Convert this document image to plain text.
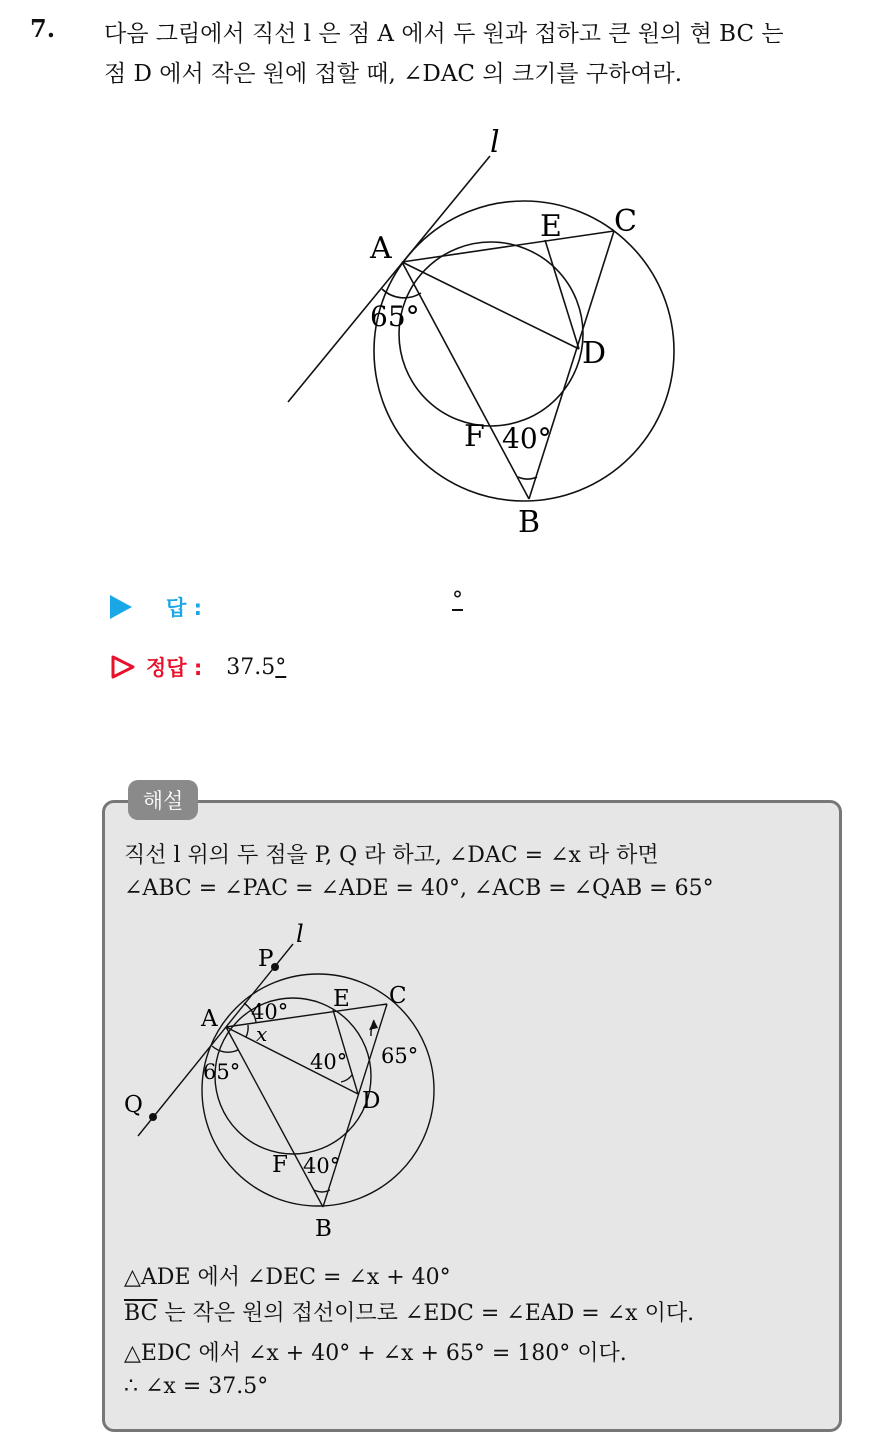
7. 다음 그림에서 직선 l 은 점 A 에서 두 원과 접하고 큰 원의 현 BC 는
점 D 에서 작은 원에 접할 때, ∠DAC 의 크기를 구하여라.
l
A
E C
D
F
B
65°
40°
답 :	°
정답 : 37.5°
해설
직선 l 위의 두 점을 P, Q 라 하고, ∠DAC = ∠x 라 하면
∠ABC = ∠PAC = ∠ADE = 40°, ∠ACB = ∠QAB = 65°
P
l
Q
A
E C
D
F
B
40°
x
40° 65°
65°
40°
△ADE 에서 ∠DEC = ∠x + 40°
$\overline{BC}$ 는 작은 원의 접선이므로 ∠EDC = ∠EAD = ∠x 이다.
△EDC 에서 ∠x + 40° + ∠x + 65° = 180° 이다.
∴ ∠x = 37.5°
